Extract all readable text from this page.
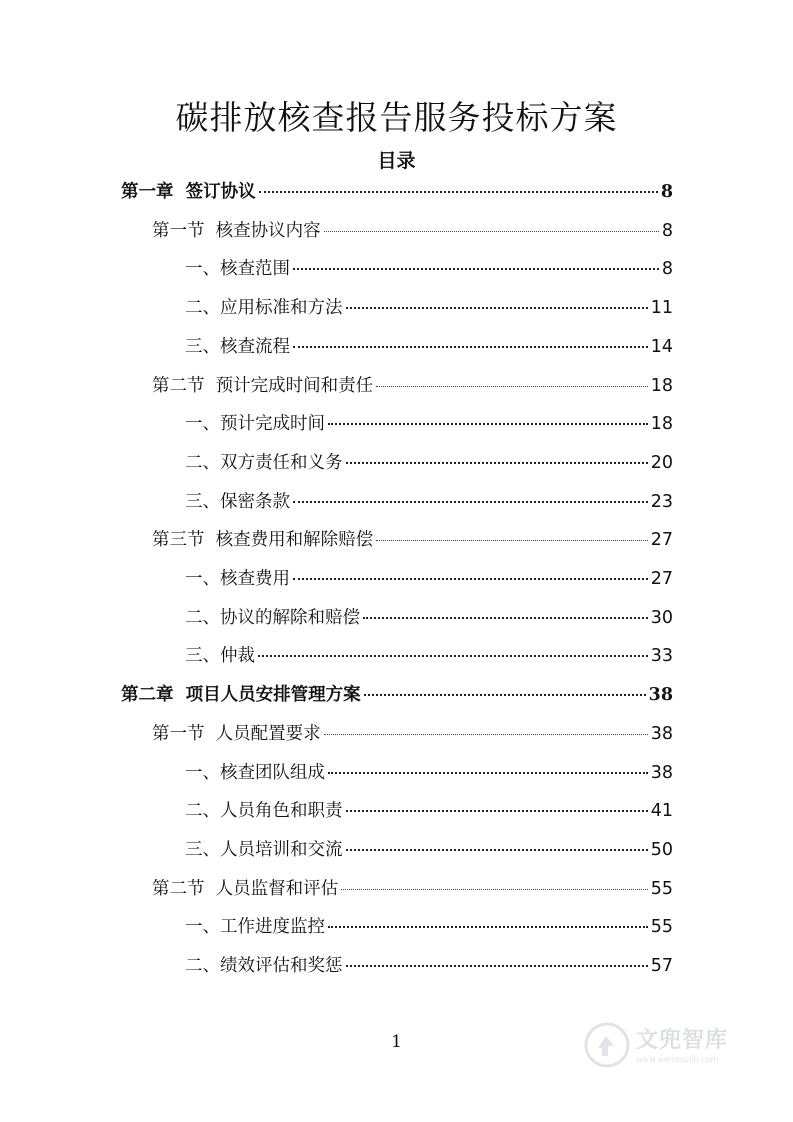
碳排放核查报告服务投标方案
目录
第一章  签订协议	8
第一节  核查协议内容	8
一、核查范围	8
二、应用标准和方法	11
三、核查流程	14
第二节  预计完成时间和责任	18
一、预计完成时间	18
二、双方责任和义务	20
三、保密条款	23
第三节  核查费用和解除赔偿	27
一、核查费用	27
二、协议的解除和赔偿	30
三、仲裁	33
第二章  项目人员安排管理方案	38
第一节  人员配置要求	38
一、核查团队组成	38
二、人员角色和职责	41
三、人员培训和交流	50
第二节  人员监督和评估	55
一、工作进度监控	55
二、绩效评估和奖惩	57
1	文兜智库
www.wendoulib.com
